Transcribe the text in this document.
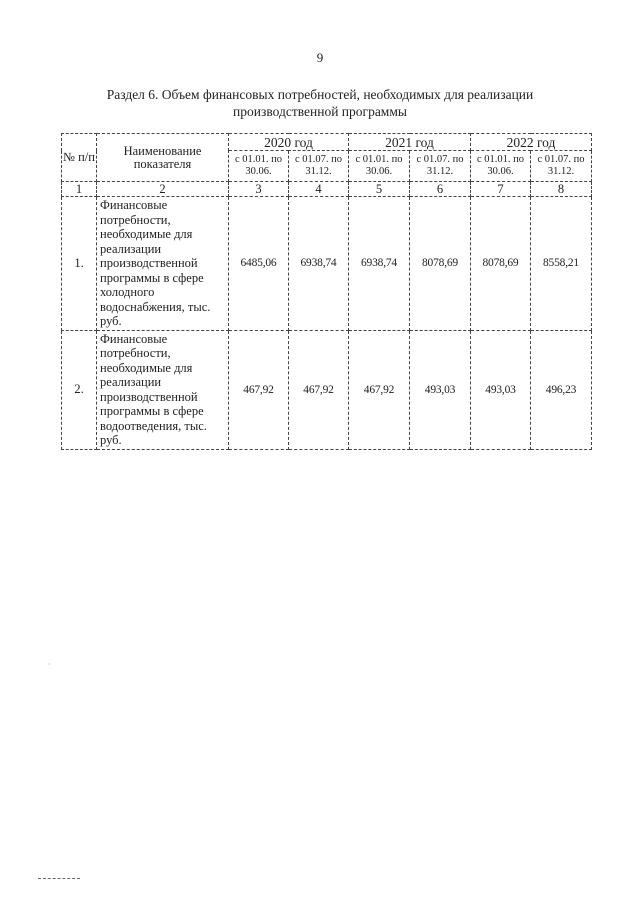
9
Раздел 6. Объем финансовых потребностей, необходимых для реализации
производственной программы
№ п/п	Наименование показателя	2020 год		2021 год		2022 год	
		с 01.01. по 30.06.	с 01.07. по 31.12.	с 01.01. по 30.06.	с 01.07. по 31.12.	с 01.01. по 30.06.	с 01.07. по 31.12.
1	2	3	4	5	6	7	8
1.	Финансовые потребности, необходимые для реализации производственной программы в сфере холодного водоснабжения, тыс. руб.	6485,06	6938,74	6938,74	8078,69	8078,69	8558,21
2.	Финансовые потребности, необходимые для реализации производственной программы в сфере водоотведения, тыс. руб.	467,92	467,92	467,92	493,03	493,03	496,23
·
